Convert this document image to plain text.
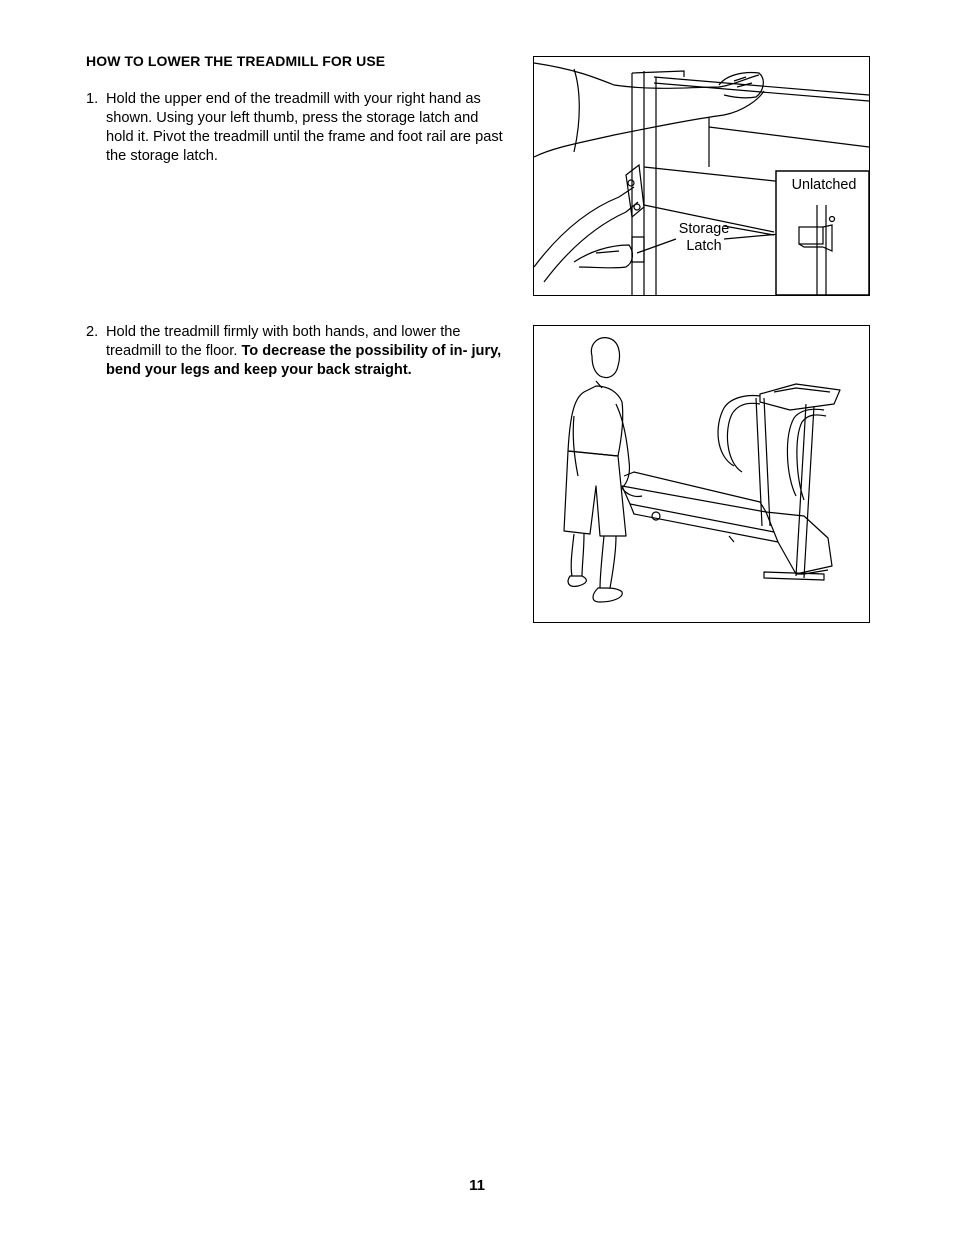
HOW TO LOWER THE TREADMILL FOR USE
1. Hold the upper end of the treadmill with your right hand as shown. Using your left thumb, press the storage latch and hold it. Pivot the treadmill until the frame and foot rail are past the storage latch.
2. Hold the treadmill firmly with both hands, and lower the treadmill to the floor. To decrease the possibility of in- jury, bend your legs and keep your back straight.
Storage
Latch
Unlatched
11
